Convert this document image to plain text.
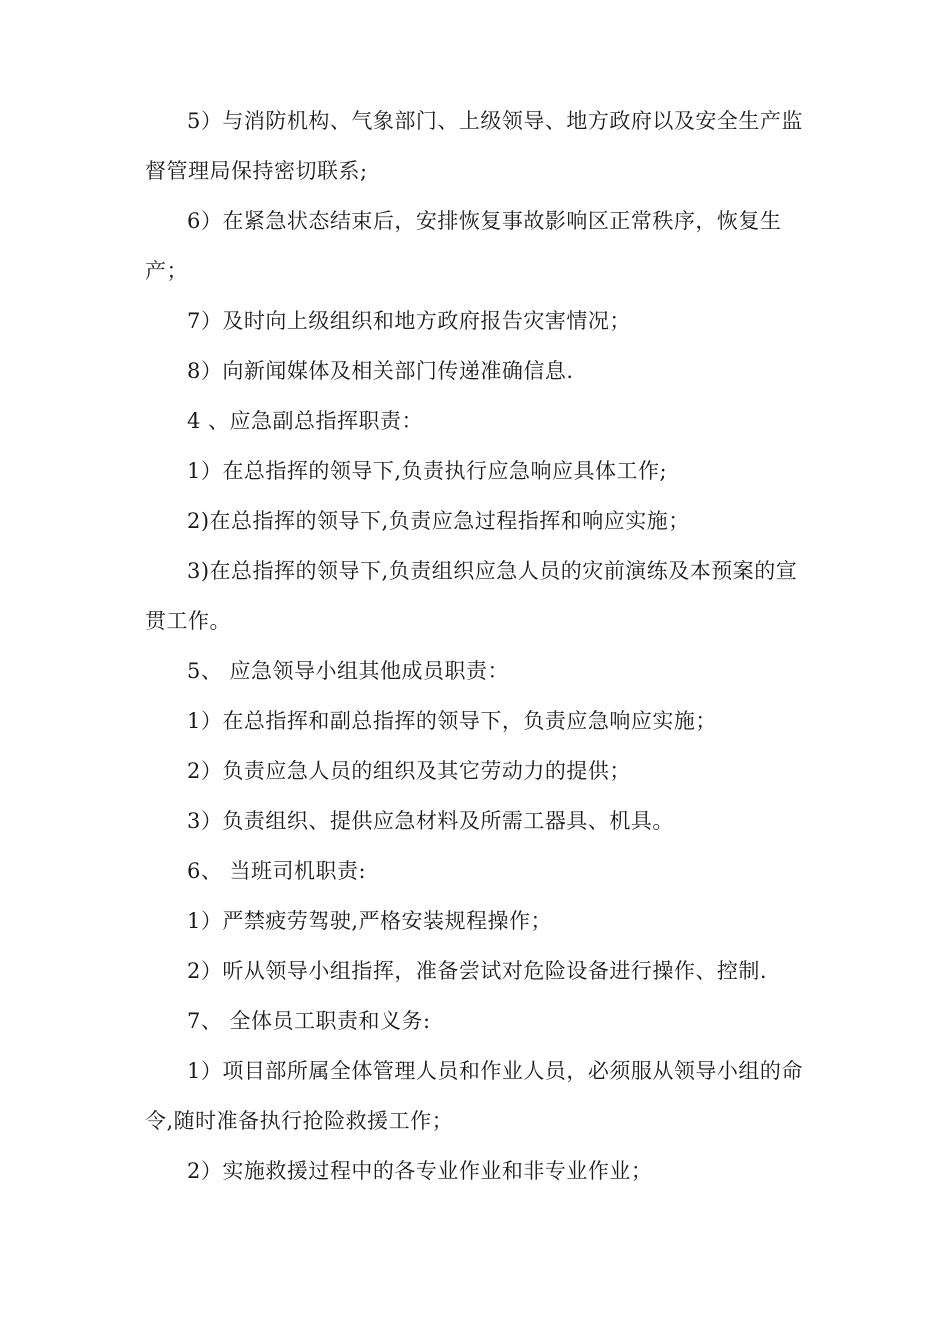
5）与消防机构、气象部门、上级领导、地方政府以及安全生产监督管理局保持密切联系;

6）在紧急状态结束后，安排恢复事故影响区正常秩序，恢复生产；

7）及时向上级组织和地方政府报告灾害情况；

8）向新闻媒体及相关部门传递准确信息.

4 、应急副总指挥职责：

1）在总指挥的领导下,负责执行应急响应具体工作;

2)在总指挥的领导下,负责应急过程指挥和响应实施；

3)在总指挥的领导下,负责组织应急人员的灾前演练及本预案的宣贯工作。

5、 应急领导小组其他成员职责：

1）在总指挥和副总指挥的领导下，负责应急响应实施；

2）负责应急人员的组织及其它劳动力的提供；

3）负责组织、提供应急材料及所需工器具、机具。

6、 当班司机职责:

1）严禁疲劳驾驶,严格安装规程操作；

2）听从领导小组指挥，准备尝试对危险设备进行操作、控制.

7、 全体员工职责和义务:

1）项目部所属全体管理人员和作业人员，必须服从领导小组的命令,随时准备执行抢险救援工作；

2）实施救援过程中的各专业作业和非专业作业；
